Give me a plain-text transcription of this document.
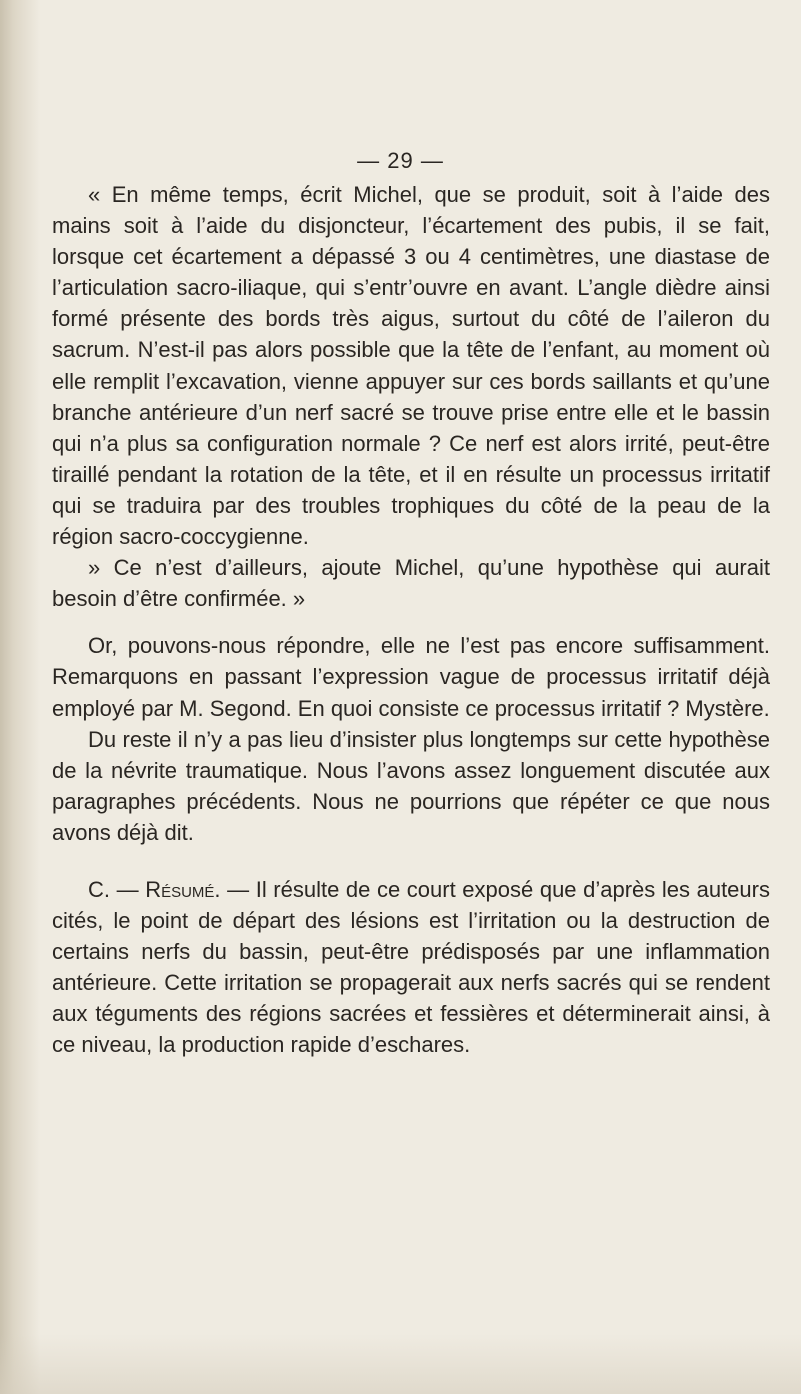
— 29 —

« En même temps, écrit Michel, que se produit, soit à l’aide des mains soit à l’aide du disjoncteur, l’écartement des pubis, il se fait, lorsque cet écartement a dépassé 3 ou 4 centimètres, une diastase de l’articulation sacro-iliaque, qui s’entr’ouvre en avant. L’angle dièdre ainsi formé présente des bords très aigus, surtout du côté de l’aileron du sacrum. N’est-il pas alors possible que la tête de l’enfant, au moment où elle remplit l’excavation, vienne appuyer sur ces bords saillants et qu’une branche antérieure d’un nerf sacré se trouve prise entre elle et le bassin qui n’a plus sa configuration normale ? Ce nerf est alors irrité, peut-être tiraillé pendant la rotation de la tête, et il en résulte un processus irritatif qui se traduira par des troubles trophiques du côté de la peau de la région sacro-coccygienne.

» Ce n’est d’ailleurs, ajoute Michel, qu’une hypothèse qui aurait besoin d’être confirmée. »

Or, pouvons-nous répondre, elle ne l’est pas encore suffisamment. Remarquons en passant l’expression vague de processus irritatif déjà employé par M. Segond. En quoi consiste ce processus irritatif ? Mystère.

Du reste il n’y a pas lieu d’insister plus longtemps sur cette hypothèse de la névrite traumatique. Nous l’avons assez longuement discutée aux paragraphes précédents. Nous ne pourrions que répéter ce que nous avons déjà dit.

C. — Résumé. — Il résulte de ce court exposé que d’après les auteurs cités, le point de départ des lésions est l’irritation ou la destruction de certains nerfs du bassin, peut-être prédisposés par une inflammation antérieure. Cette irritation se propagerait aux nerfs sacrés qui se rendent aux téguments des régions sacrées et fessières et déterminerait ainsi, à ce niveau, la production rapide d’eschares.
